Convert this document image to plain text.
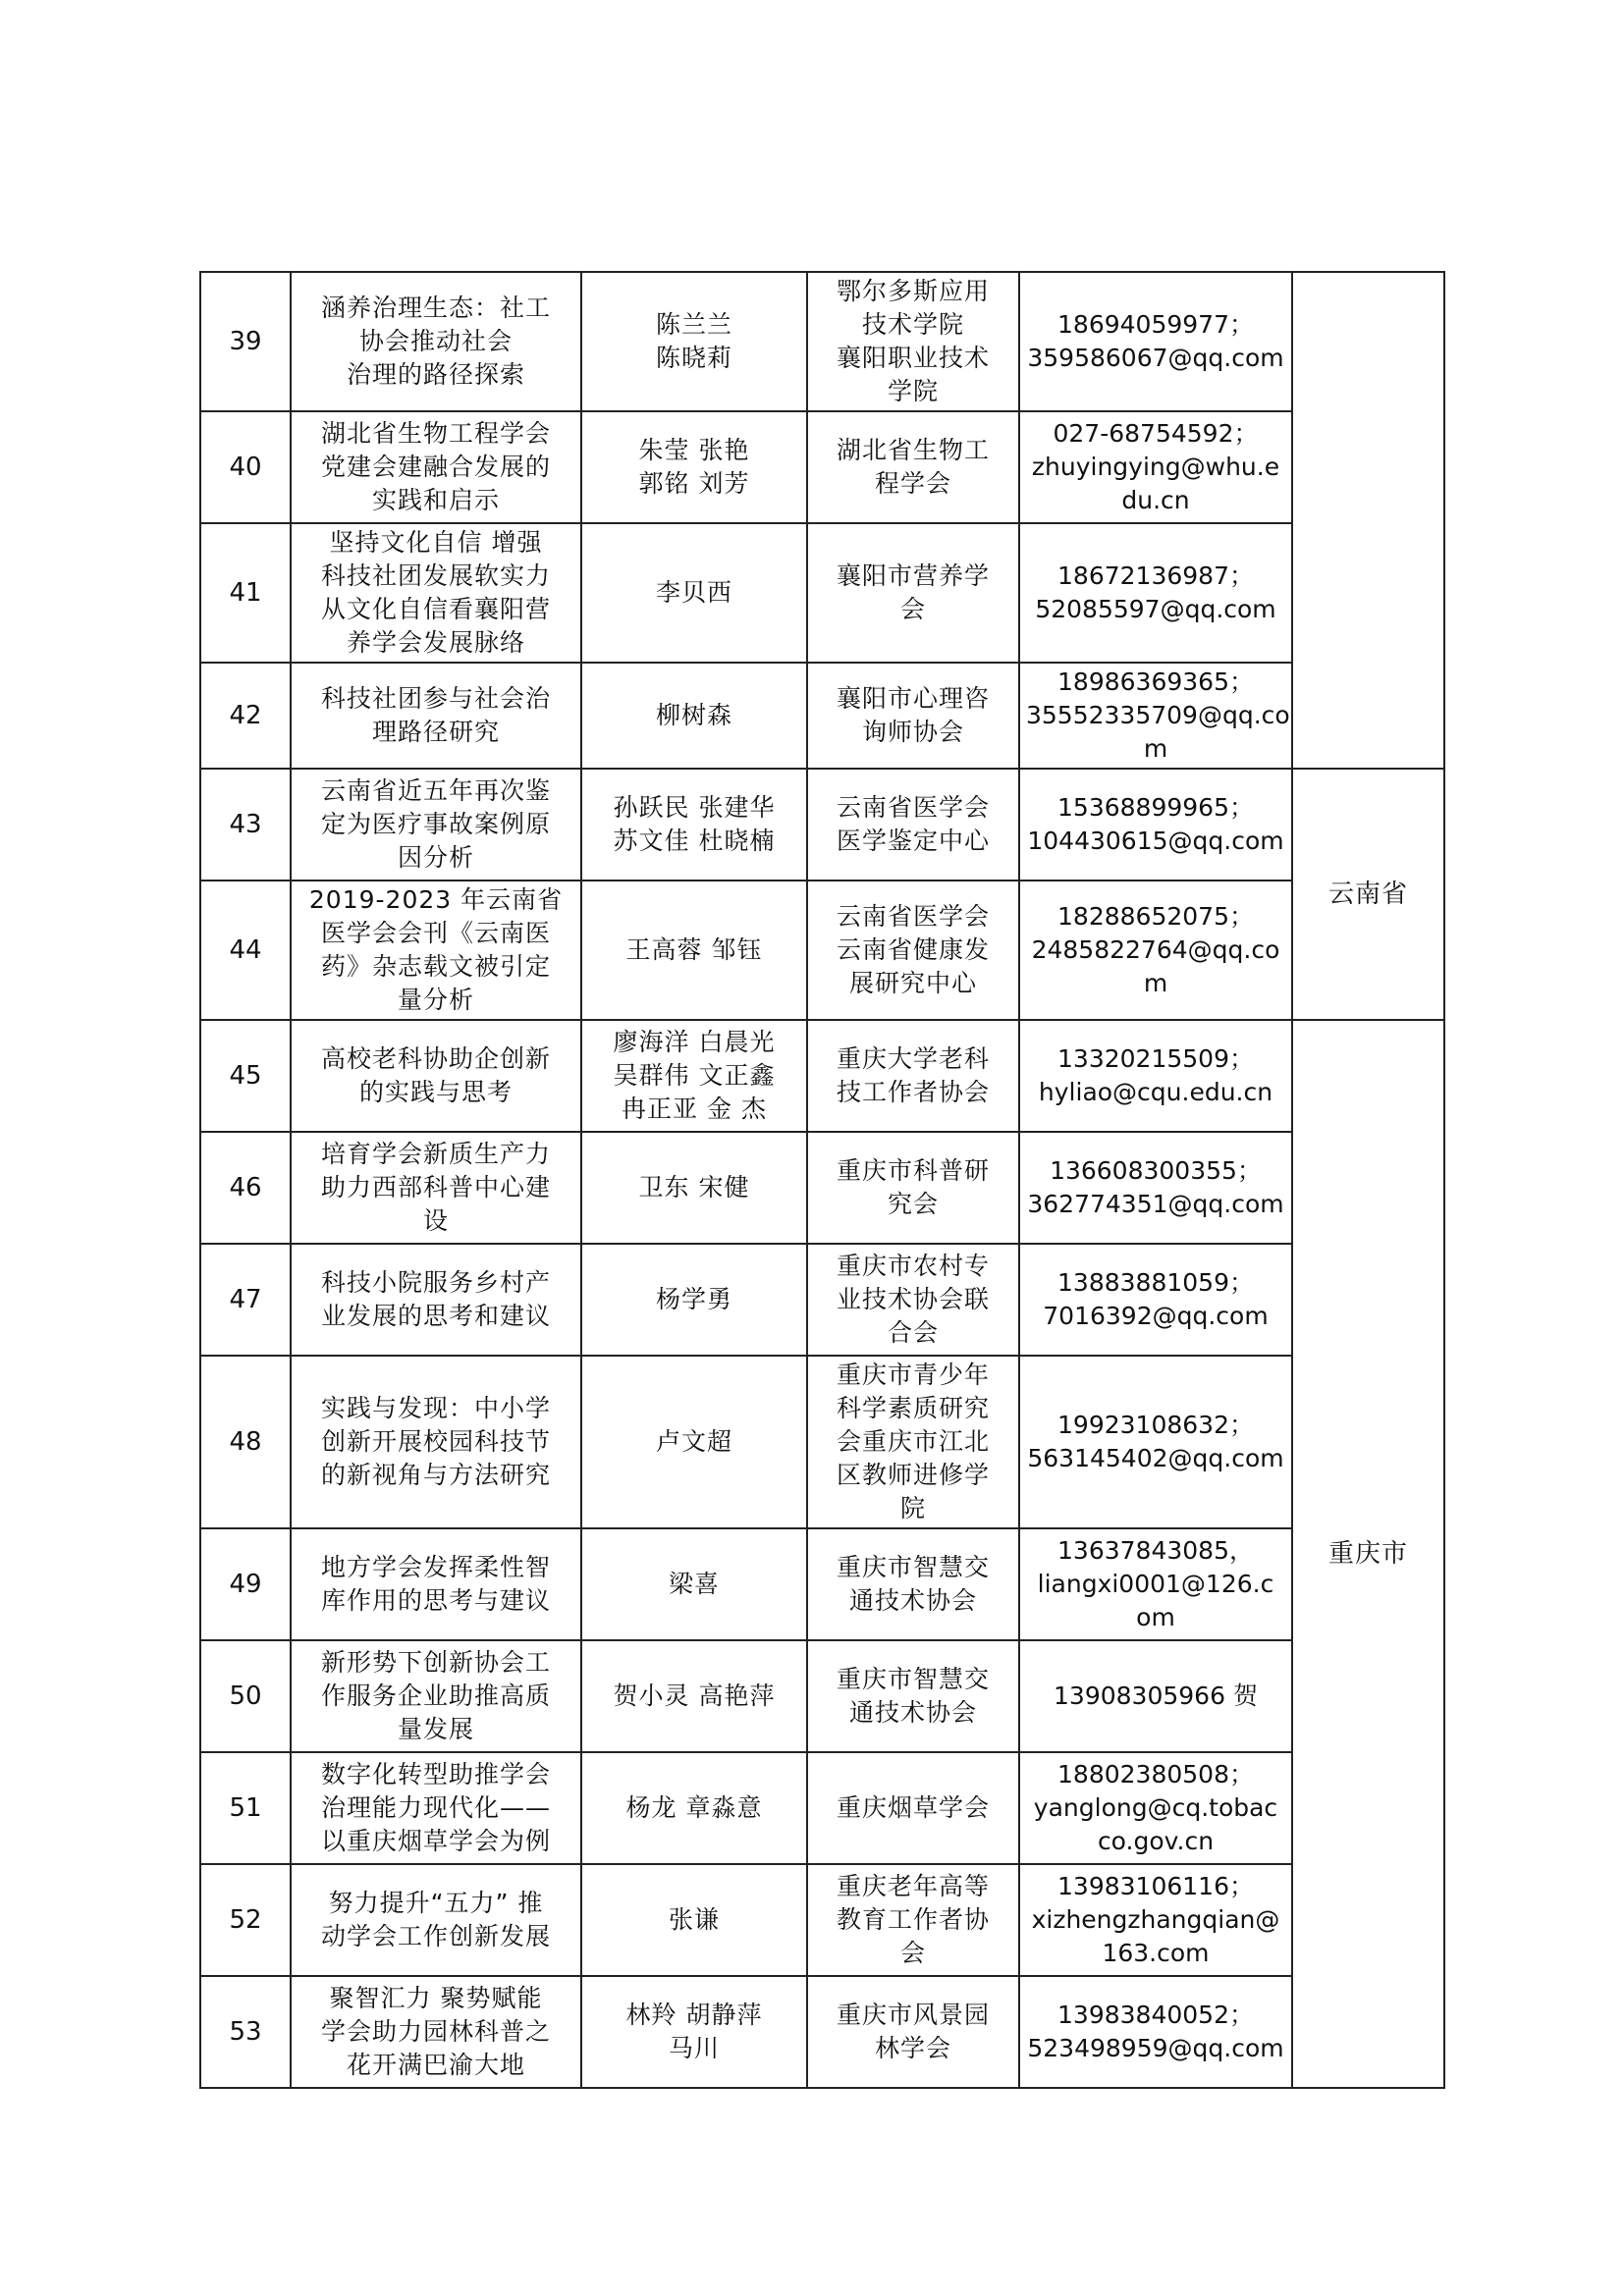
39	涵养治理生态：社工
协会推动社会
治理的路径探索	陈兰兰
陈晓莉	鄂尔多斯应用
技术学院
襄阳职业技术
学院	18694059977；
359586067@qq.com	

40	湖北省生物工程学会
党建会建融合发展的
实践和启示	朱莹 张艳
郭铭 刘芳	湖北省生物工
程学会	027-68754592；
zhuyingying@whu.e
du.cn	

41	坚持文化自信 增强
科技社团发展软实力
从文化自信看襄阳营
养学会发展脉络	李贝西	襄阳市营养学
会	18672136987；
52085597@qq.com	

42	科技社团参与社会治
理路径研究	柳树森	襄阳市心理咨
询师协会	18986369365；
35552335709@qq.co
m	

43	云南省近五年再次鉴
定为医疗事故案例原
因分析	孙跃民 张建华
苏文佳 杜晓楠	云南省医学会
医学鉴定中心	15368899965；
104430615@qq.com	云南省
44	2019-2023 年云南省
医学会会刊《云南医
药》杂志载文被引定
量分析	王高蓉 邹钰	云南省医学会
云南省健康发
展研究中心	18288652075；
2485822764@qq.co
m	

45	高校老科协助企创新
的实践与思考	廖海洋 白晨光
吴群伟 文正鑫
冉正亚 金 杰	重庆大学老科
技工作者协会	13320215509；
hyliao@cqu.edu.cn	重庆市
46	培育学会新质生产力
助力西部科普中心建
设	卫东 宋健	重庆市科普研
究会	136608300355；
362774351@qq.com	

47	科技小院服务乡村产
业发展的思考和建议	杨学勇	重庆市农村专
业技术协会联
合会	13883881059；
7016392@qq.com	

48	实践与发现：中小学
创新开展校园科技节
的新视角与方法研究	卢文超	重庆市青少年
科学素质研究
会重庆市江北
区教师进修学
院	19923108632；
563145402@qq.com	

49	地方学会发挥柔性智
库作用的思考与建议	梁喜	重庆市智慧交
通技术协会	13637843085，
liangxi0001@126.c
om	

50	新形势下创新协会工
作服务企业助推高质
量发展	贺小灵 高艳萍	重庆市智慧交
通技术协会	13908305966 贺	

51	数字化转型助推学会
治理能力现代化——
以重庆烟草学会为例	杨龙 章淼意	重庆烟草学会	18802380508；
yanglong@cq.tobac
co.gov.cn	

52	努力提升“五力” 推
动学会工作创新发展	张谦	重庆老年高等
教育工作者协
会	13983106116；
xizhengzhangqian@
163.com	

53	聚智汇力 聚势赋能
学会助力园林科普之
花开满巴渝大地	林羚 胡静萍
马川	重庆市风景园
林学会	13983840052；
523498959@qq.com	
